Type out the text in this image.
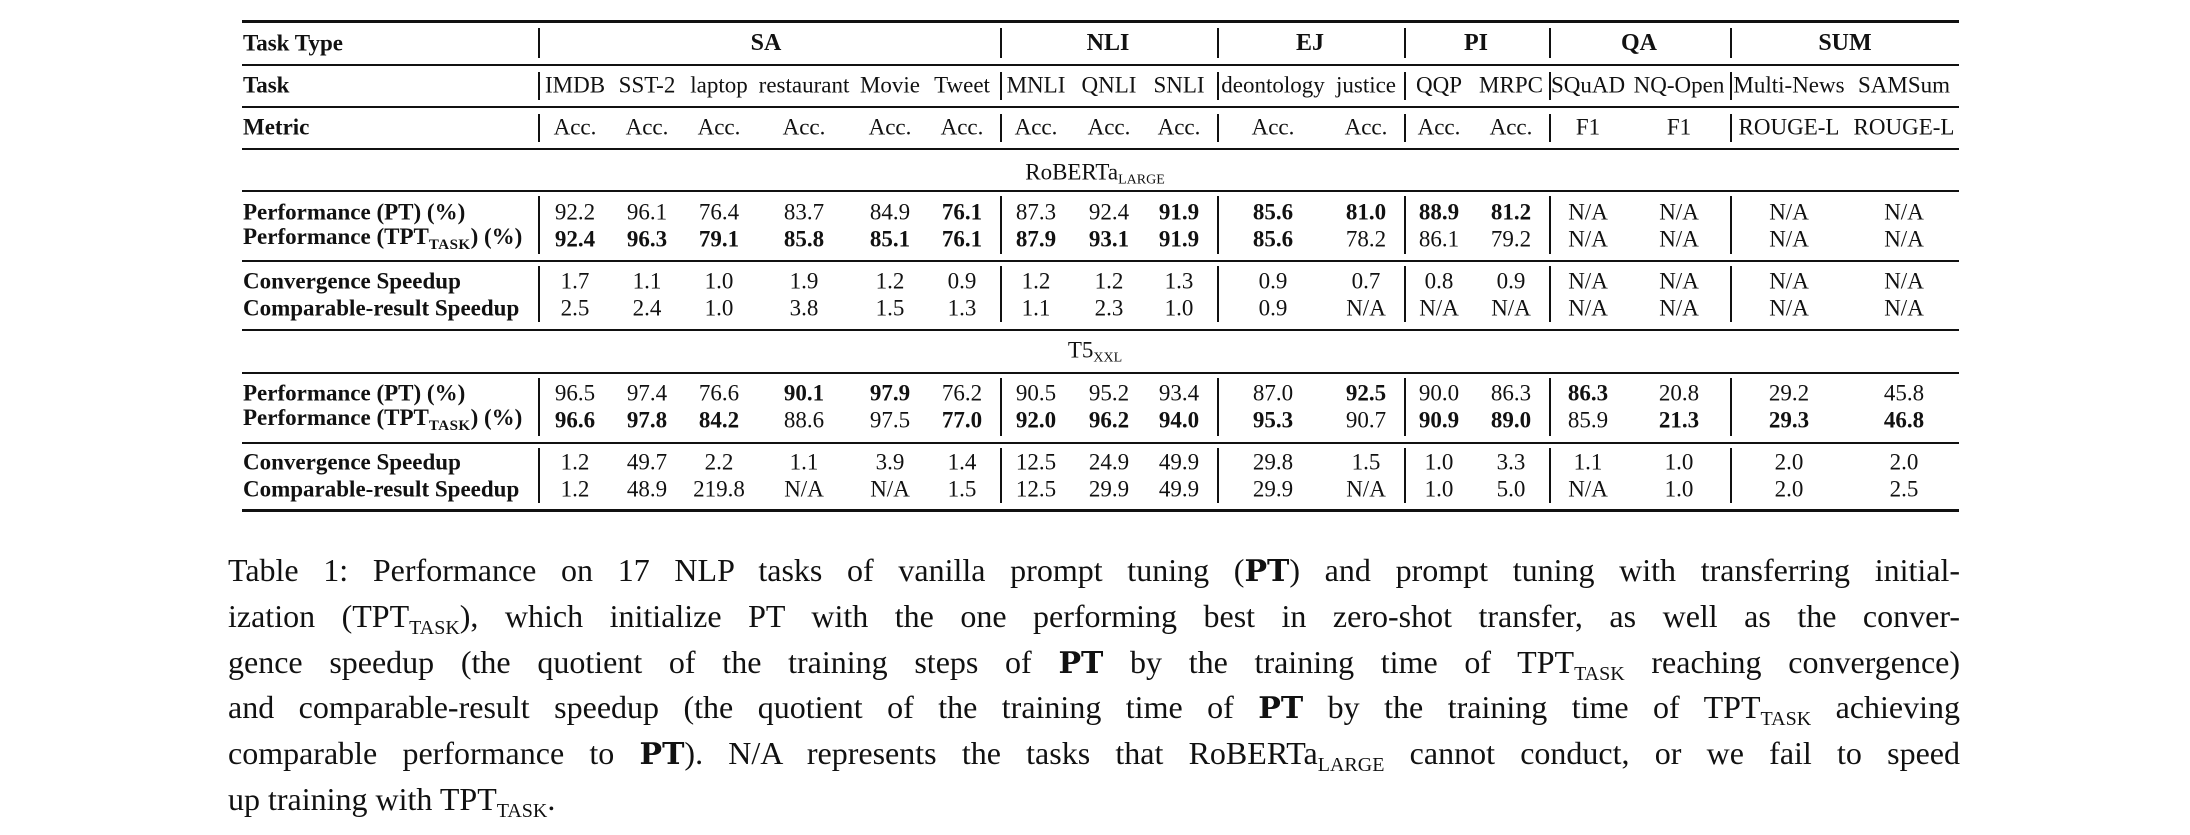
Task Type
Task
Metric
SA
IMDB
Acc.
SST-2
Acc.
laptop
Acc.
restaurant
Acc.
Movie
Acc.
Tweet
Acc.
NLI
MNLI
Acc.
QNLI
Acc.
SNLI
Acc.
EJ
deontology
Acc.
justice
Acc.
PI
QQP
Acc.
MRPC
Acc.
QA
SQuAD
F1
NQ-Open
F1
SUM
Multi-News
ROUGE-L
SAMSum
ROUGE-L
RoBERTaLARGE
Performance (PT) (%)
Performance $(TPT_{TASK})$ (%)
Convergence Speedup
Comparable-result Speedup
92.2
92.4
1.7
2.5
96.1
96.3
1.1
2.4
76.4
79.1
1.0
1.0
83.7
85.8
1.9
3.8
84.9
85.1
1.2
1.5
76.1
76.1
0.9
1.3
87.3
87.9
1.2
1.1
92.4
93.1
1.2
2.3
91.9
91.9
1.3
1.0
85.6
85.6
0.9
0.9
81.0
78.2
0.7
N/A
88.9
86.1
0.8
N/A
81.2
79.2
0.9
N/A
N/A
N/A
N/A
N/A
N/A
N/A
N/A
N/A
N/A
N/A
N/A
N/A
N/A
N/A
N/A
N/A
T5XXL
Performance (PT) (%)
Performance $(TPT_{TASK})$ (%)
Convergence Speedup
Comparable-result Speedup
96.5
96.6
1.2
1.2
97.4
97.8
49.7
48.9
76.6
84.2
2.2
219.8
90.1
88.6
1.1
N/A
97.9
97.5
3.9
N/A
76.2
77.0
1.4
1.5
90.5
92.0
12.5
12.5
95.2
96.2
24.9
29.9
93.4
94.0
49.9
49.9
87.0
95.3
29.8
29.9
92.5
90.7
1.5
N/A
90.0
90.9
1.0
1.0
86.3
89.0
3.3
5.0
86.3
85.9
1.1
N/A
20.8
21.3
1.0
1.0
29.2
29.3
2.0
2.0
45.8
46.8
2.0
2.5
Table 1: Performance on 17 NLP tasks of vanilla prompt tuning (PT) and prompt tuning with transferring initial-
ization $(TPT_{TASK})$, which initialize PT with the one performing best in zero-shot transfer, as well as the conver-
gence speedup (the quotient of the training steps of PT by the training time of $TPT_{TASK}$ reaching convergence)
and comparable-result speedup (the quotient of the training time of PT by the training time of $TPT_{TASK}$ achieving
comparable performance to PT). N/A represents the tasks that RoBERTa$_{LARGE}$ cannot conduct, or we fail to speed
up training with $TPT_{TASK}$.
